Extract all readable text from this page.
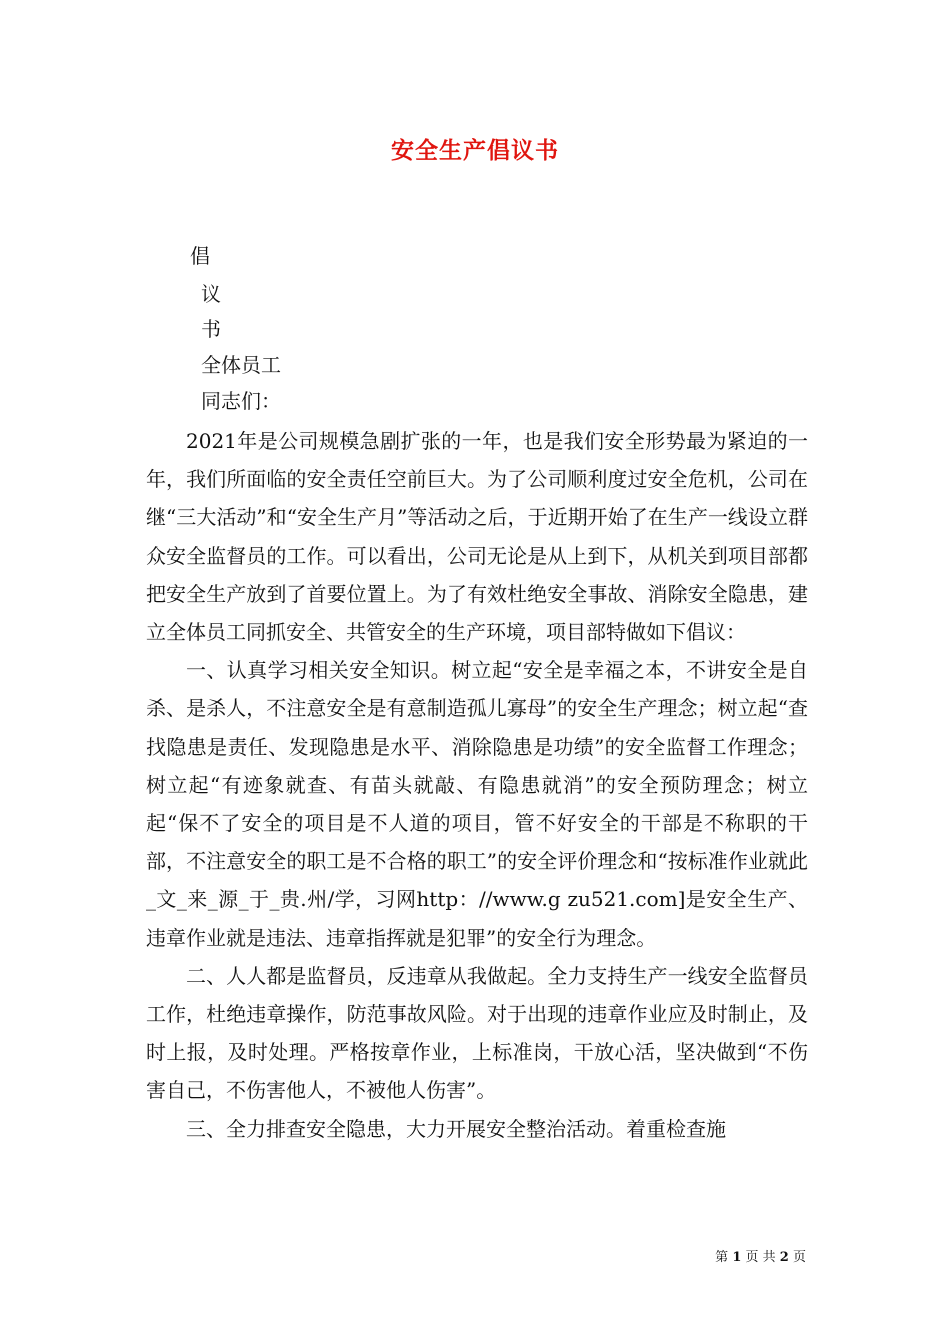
安全生产倡议书
倡
议
书
全体员工
同志们：

2021年是公司规模急剧扩张的一年，也是我们安全形势最为紧迫的一年，我们所面临的安全责任空前巨大。为了公司顺利度过安全危机，公司在继“三大活动”和“安全生产月”等活动之后，于近期开始了在生产一线设立群众安全监督员的工作。可以看出，公司无论是从上到下，从机关到项目部都把安全生产放到了首要位置上。为了有效杜绝安全事故、消除安全隐患，建立全体员工同抓安全、共管安全的生产环境，项目部特做如下倡议：

一、认真学习相关安全知识。树立起“安全是幸福之本，不讲安全是自杀、是杀人，不注意安全是有意制造孤儿寡母”的安全生产理念；树立起“查找隐患是责任、发现隐患是水平、消除隐患是功绩”的安全监督工作理念；树立起“有迹象就查、有苗头就敲、有隐患就消”的安全预防理念；树立起“保不了安全的项目是不人道的项目，管不好安全的干部是不称职的干部，不注意安全的职工是不合格的职工”的安全评价理念和“按标准作业就此_文_来_源_于_贵.州/学，习网http：//www.g zu521.com]是安全生产、违章作业就是违法、违章指挥就是犯罪”的安全行为理念。

二、人人都是监督员，反违章从我做起。全力支持生产一线安全监督员工作，杜绝违章操作，防范事故风险。对于出现的违章作业应及时制止，及时上报，及时处理。严格按章作业，上标准岗，干放心活，坚决做到“不伤害自己，不伤害他人，不被他人伤害”。

三、全力排查安全隐患，大力开展安全整治活动。着重检查施

第 1 页 共 2 页
